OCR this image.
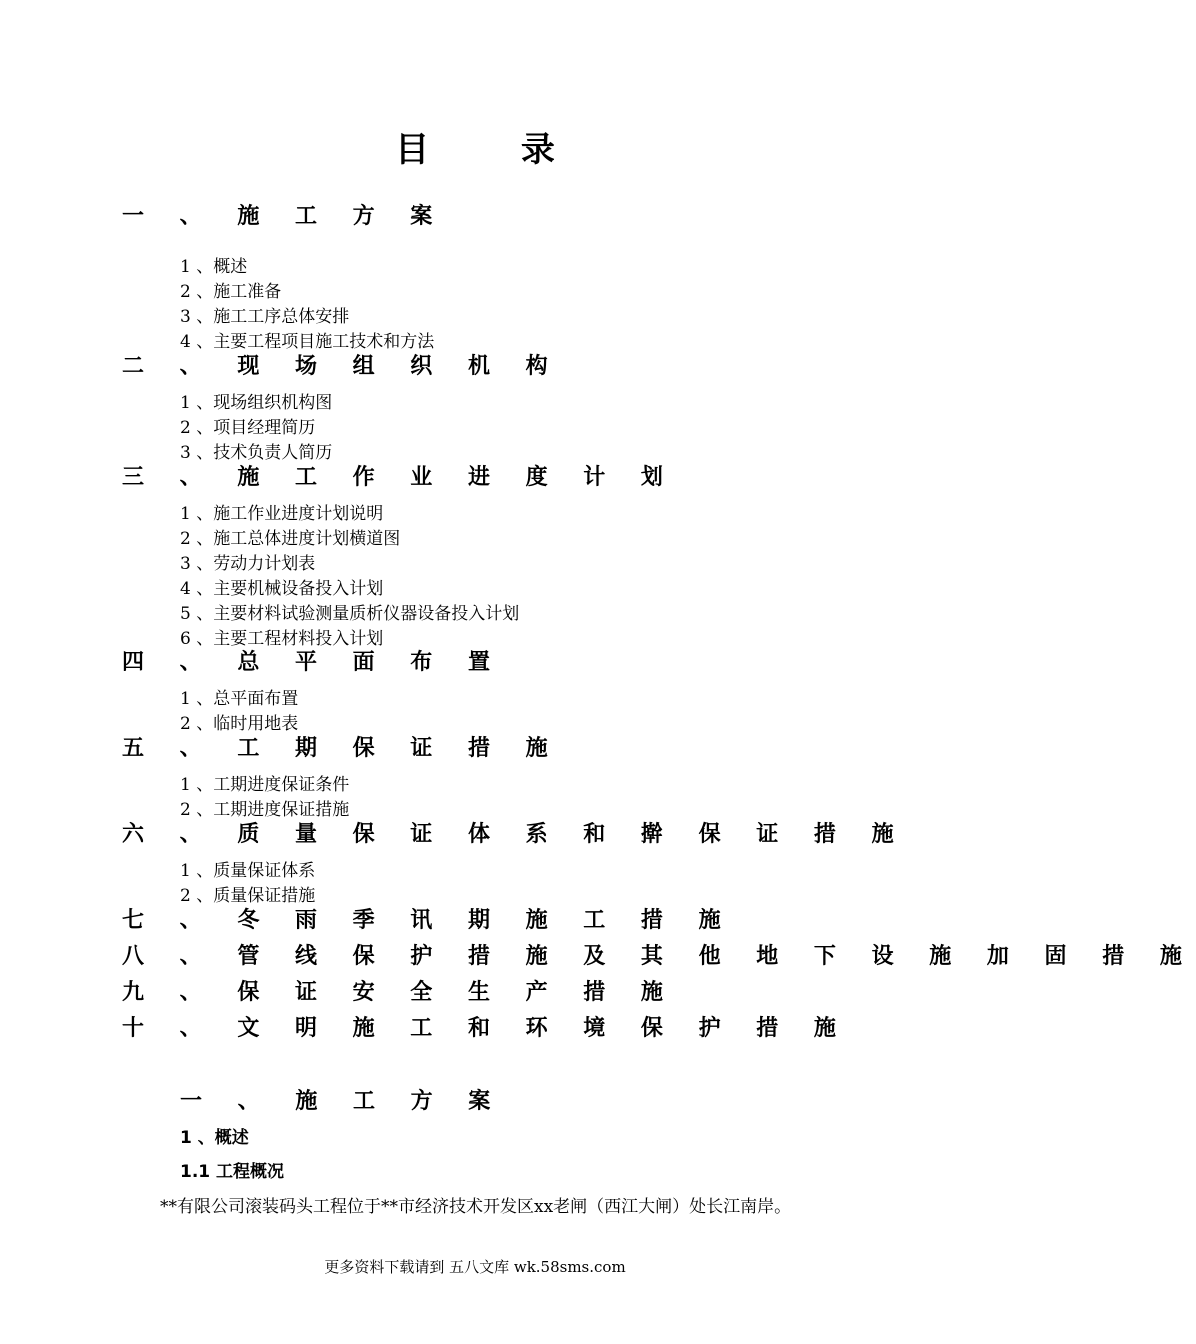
目 录
一 、 施 工 方 案
1 、概述
2 、施工准备
3 、施工工序总体安排
4 、主要工程项目施工技术和方法
二 、 现 场 组 织 机 构
1 、现场组织机构图
2 、项目经理简历
3 、技术负责人简历
三 、 施 工 作 业 进 度 计 划
1 、施工作业进度计划说明
2 、施工总体进度计划横道图
3 、劳动力计划表
4 、主要机械设备投入计划
5 、主要材料试验测量质析仪器设备投入计划
6 、主要工程材料投入计划
四 、 总 平 面 布 置
1 、总平面布置
2 、临时用地表
五 、 工 期 保 证 措 施
1 、工期进度保证条件
2 、工期进度保证措施
六 、 质 量 保 证 体 系 和 擀 保 证 措 施
1 、质量保证体系
2 、质量保证措施
七 、 冬 雨 季 讯 期 施 工 措 施
八 、 管 线 保 护 措 施 及 其 他 地 下 设 施 加 固 措 施
九 、 保 证 安 全 生 产 措 施
十 、 文 明 施 工 和 环 境 保 护 措 施
一 、 施 工 方 案
1 、概述
1.1 工程概况
**有限公司滚装码头工程位于**市经济技术开发区xx老闸（西江大闸）处长江南岸。
更多资料下载请到 五八文库 wk.58sms.com
